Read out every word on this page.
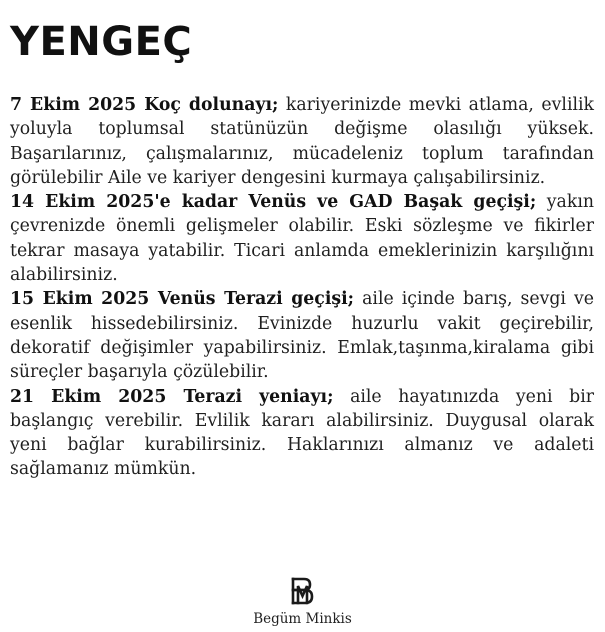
YENGEÇ

7 Ekim 2025 Koç dolunayı; kariyerinizde mevki atlama, evlilik yoluyla toplumsal statünüzün değişme olasılığı yüksek. Başarılarınız, çalışmalarınız, mücadeleniz toplum tarafından görülebilir Aile ve kariyer dengesini kurmaya çalışabilirsiniz.

14 Ekim 2025'e kadar Venüs ve GAD Başak geçişi; yakın çevrenizde önemli gelişmeler olabilir. Eski sözleşme ve fikirler tekrar masaya yatabilir. Ticari anlamda emeklerinizin karşılığını alabilirsiniz.

15 Ekim 2025 Venüs Terazi geçişi; aile içinde barış, sevgi ve esenlik hissedebilirsiniz. Evinizde huzurlu vakit geçirebilir, dekoratif değişimler yapabilirsiniz. Emlak,taşınma,kiralama gibi süreçler başarıyla çözülebilir.

21 Ekim 2025 Terazi yeniayı; aile hayatınızda yeni bir başlangıç verebilir. Evlilik kararı alabilirsiniz. Duygusal olarak yeni bağlar kurabilirsiniz. Haklarınızı almanız ve adaleti sağlamanız mümkün.

Begüm Minkis
